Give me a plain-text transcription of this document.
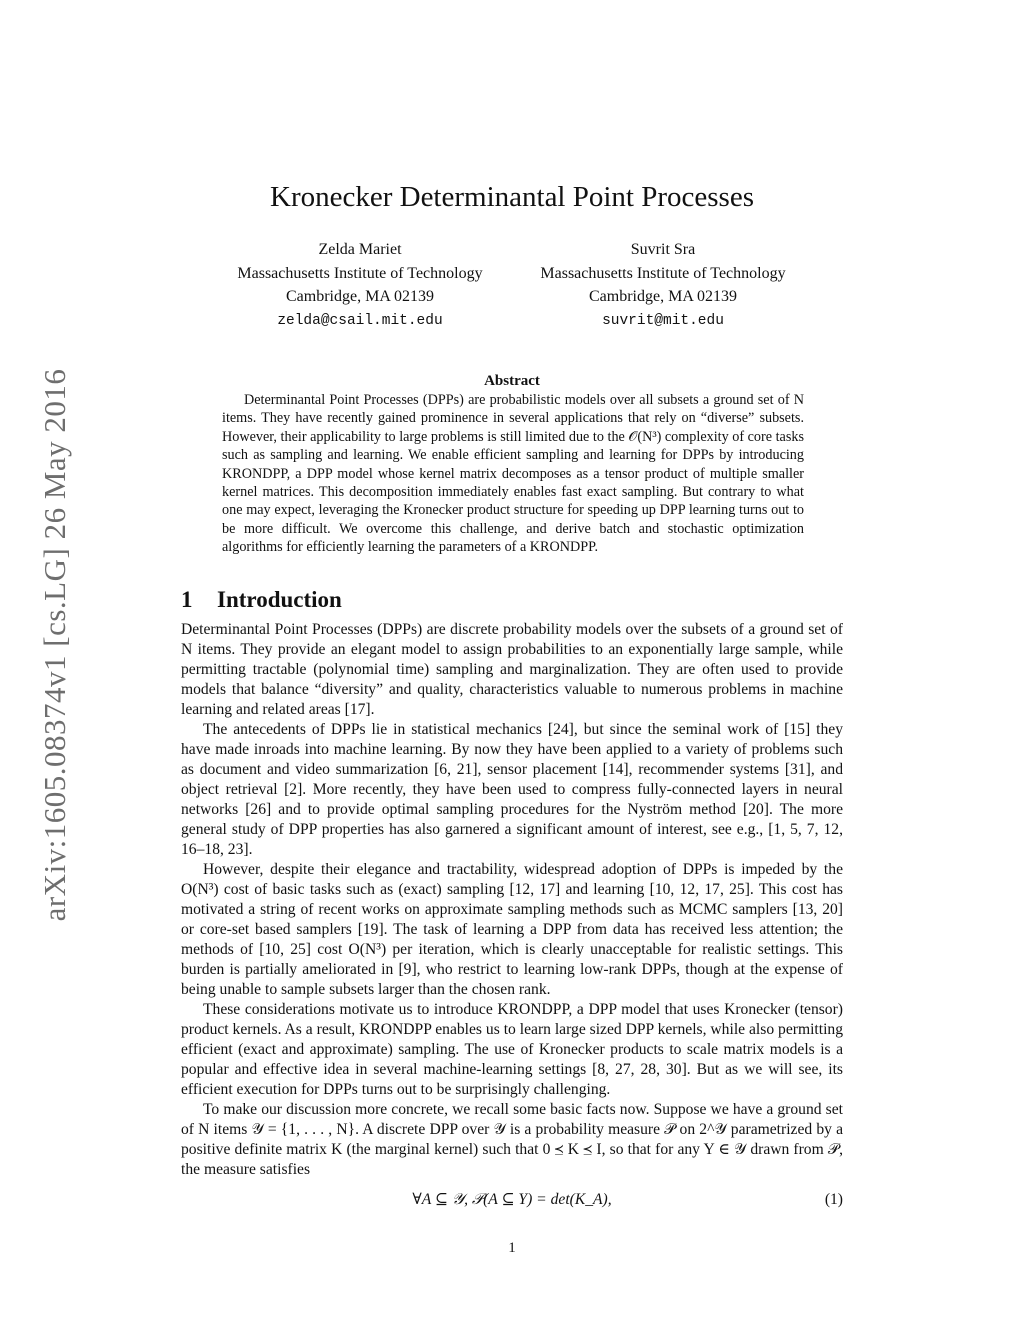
arXiv:1605.08374v1 [cs.LG] 26 May 2016
Kronecker Determinantal Point Processes
Zelda Mariet
Massachusetts Institute of Technology
Cambridge, MA 02139
zelda@csail.mit.edu
Suvrit Sra
Massachusetts Institute of Technology
Cambridge, MA 02139
suvrit@mit.edu
Abstract

Determinantal Point Processes (DPPs) are probabilistic models over all subsets a ground set of N items. They have recently gained prominence in several applications that rely on “diverse” subsets. However, their applicability to large problems is still limited due to the 𝒪(N³) complexity of core tasks such as sampling and learning. We enable efficient sampling and learning for DPPs by introducing KRONDPP, a DPP model whose kernel matrix decomposes as a tensor product of multiple smaller kernel matrices. This decomposition immediately enables fast exact sampling. But contrary to what one may expect, leveraging the Kronecker product structure for speeding up DPP learning turns out to be more difficult. We overcome this challenge, and derive batch and stochastic optimization algorithms for efficiently learning the parameters of a KRONDPP.

1 Introduction

Determinantal Point Processes (DPPs) are discrete probability models over the subsets of a ground set of N items. They provide an elegant model to assign probabilities to an exponentially large sample, while permitting tractable (polynomial time) sampling and marginalization. They are often used to provide models that balance “diversity” and quality, characteristics valuable to numerous problems in machine learning and related areas [17].

The antecedents of DPPs lie in statistical mechanics [24], but since the seminal work of [15] they have made inroads into machine learning. By now they have been applied to a variety of problems such as document and video summarization [6, 21], sensor placement [14], recommender systems [31], and object retrieval [2]. More recently, they have been used to compress fully-connected layers in neural networks [26] and to provide optimal sampling procedures for the Nyström method [20]. The more general study of DPP properties has also garnered a significant amount of interest, see e.g., [1, 5, 7, 12, 16–18, 23].

However, despite their elegance and tractability, widespread adoption of DPPs is impeded by the O(N³) cost of basic tasks such as (exact) sampling [12, 17] and learning [10, 12, 17, 25]. This cost has motivated a string of recent works on approximate sampling methods such as MCMC samplers [13, 20] or core-set based samplers [19]. The task of learning a DPP from data has received less attention; the methods of [10, 25] cost O(N³) per iteration, which is clearly unacceptable for realistic settings. This burden is partially ameliorated in [9], who restrict to learning low-rank DPPs, though at the expense of being unable to sample subsets larger than the chosen rank.

These considerations motivate us to introduce KRONDPP, a DPP model that uses Kronecker (tensor) product kernels. As a result, KRONDPP enables us to learn large sized DPP kernels, while also permitting efficient (exact and approximate) sampling. The use of Kronecker products to scale matrix models is a popular and effective idea in several machine-learning settings [8, 27, 28, 30]. But as we will see, its efficient execution for DPPs turns out to be surprisingly challenging.

To make our discussion more concrete, we recall some basic facts now. Suppose we have a ground set of N items 𝒴 = {1, . . . , N}. A discrete DPP over 𝒴 is a probability measure 𝒫 on 2^𝒴 parametrized by a positive definite matrix K (the marginal kernel) such that 0 ⪯ K ⪯ I, so that for any Y ∈ 𝒴 drawn from 𝒫, the measure satisfies

∀A ⊆ 𝒴, 𝒫(A ⊆ Y) = det(K_A),	(1)
1
